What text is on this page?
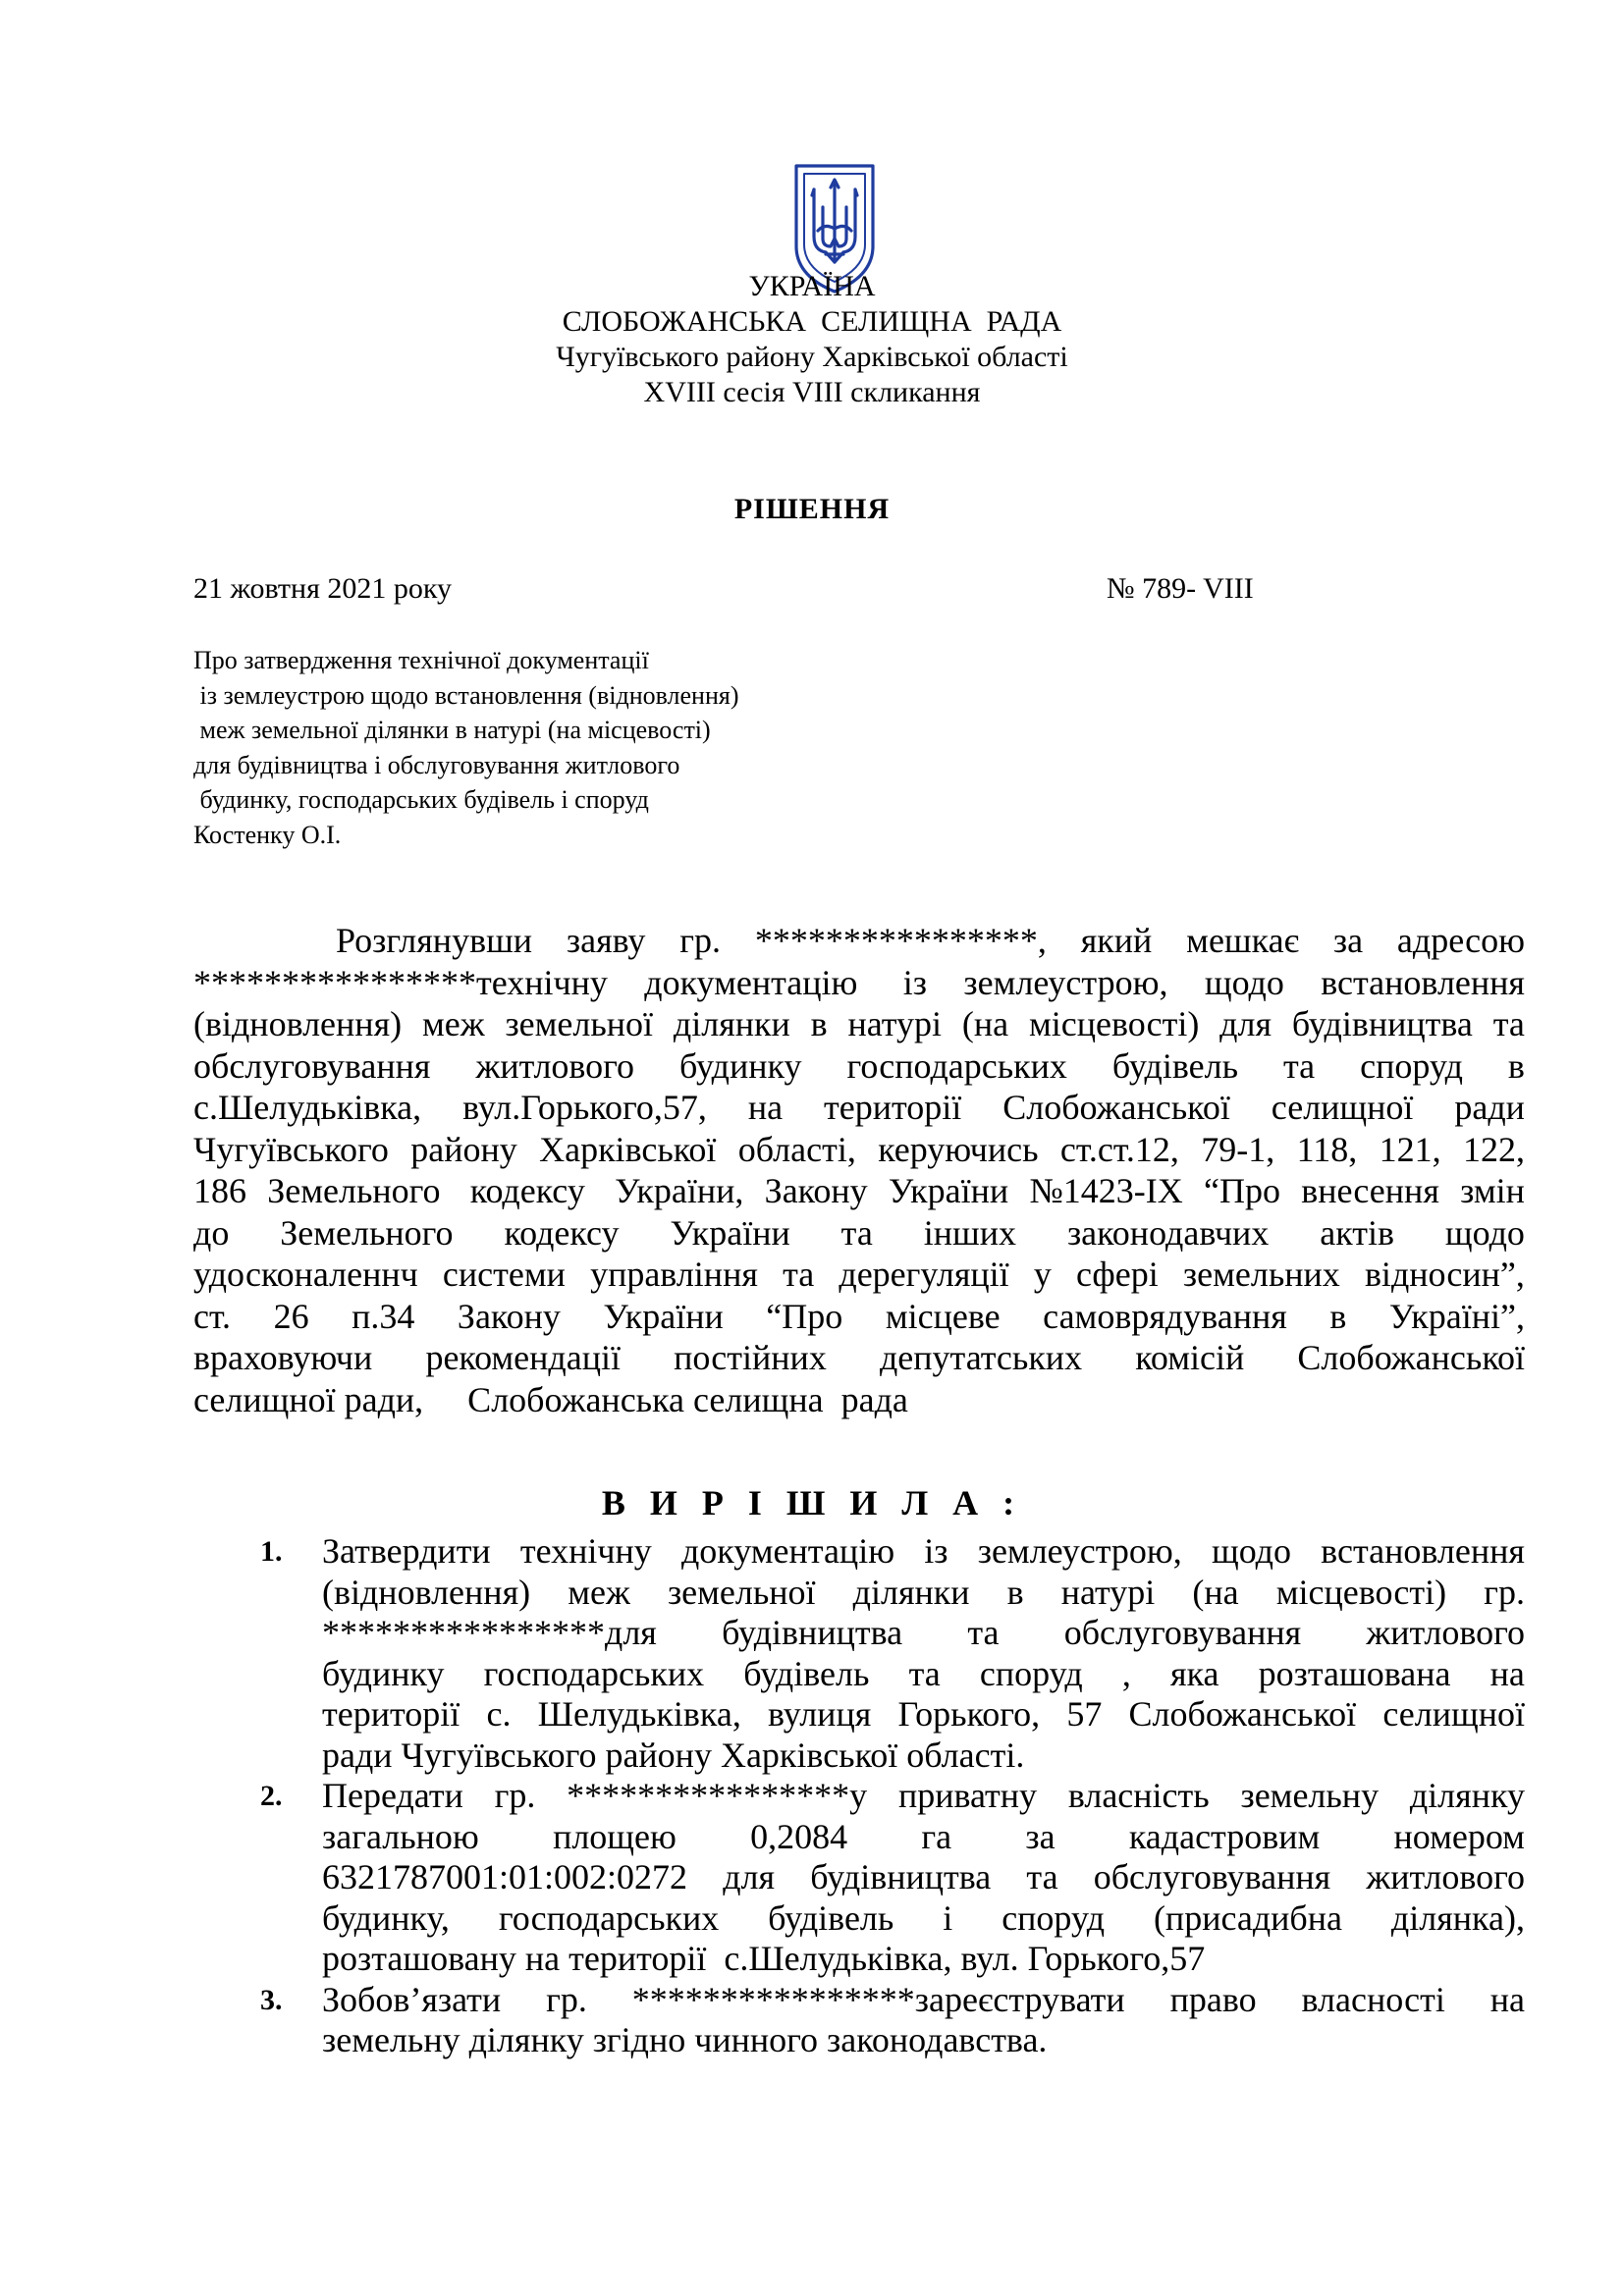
УКРАЇНА
СЛОБОЖАНСЬКА  СЕЛИЩНА  РАДА
Чугуївського району Харківської області
XVIII сесія VIII скликання
РІШЕННЯ
21 жовтня 2021 року	№ 789- VIII
Про затвердження технічної документації
із землеустрою щодо встановлення (відновлення)
меж земельної ділянки в натурі (на місцевості)
для будівництва і обслуговування житлового
будинку, господарських будівель і споруд
Костенку О.І.
Розглянувши заяву гр. ****************, який мешкає за адресою
****************технічну документацію із землеустрою, щодо встановлення
(відновлення) меж земельної ділянки в натурі (на місцевості) для будівництва та
обслуговування житлового будинку господарських будівель та споруд в
с.Шелудьківка, вул.Горького,57, на території Слобожанської селищної ради
Чугуївського району Харківської області, керуючись ст.ст.12, 79-1, 118, 121, 122,
186 Земельного кодексу України, Закону України №1423-IX “Про внесення змін
до Земельного кодексу України та інших законодавчих актів щодо
удосконаленнч системи управління та дерегуляції у сфері земельних відносин”,
ст. 26 п.34 Закону України “Про місцеве самоврядування в Україні”,
враховуючи рекомендації постійних депутатських комісій Слобожанської
селищної ради,     Слобожанська селищна  рада
В И Р І Ш И Л А :
1. Затвердити технічну документацію із землеустрою, щодо встановлення
(відновлення) меж земельної ділянки в натурі (на місцевості) гр.
****************для будівництва та обслуговування житлового
будинку господарських будівель та споруд , яка розташована на
території с. Шелудьківка, вулиця Горького, 57 Слобожанської селищної
ради Чугуївського району Харківської області.
2. Передати гр. ****************у приватну власність земельну ділянку
загальною площею 0,2084 га за кадастровим номером
6321787001:01:002:0272 для будівництва та обслуговування житлового
будинку, господарських будівель і споруд (присадибна ділянка),
розташовану на території  с.Шелудьківка, вул. Горького,57
3. Зобов’язати гр. ****************зареєструвати право власності на
земельну ділянку згідно чинного законодавства.
